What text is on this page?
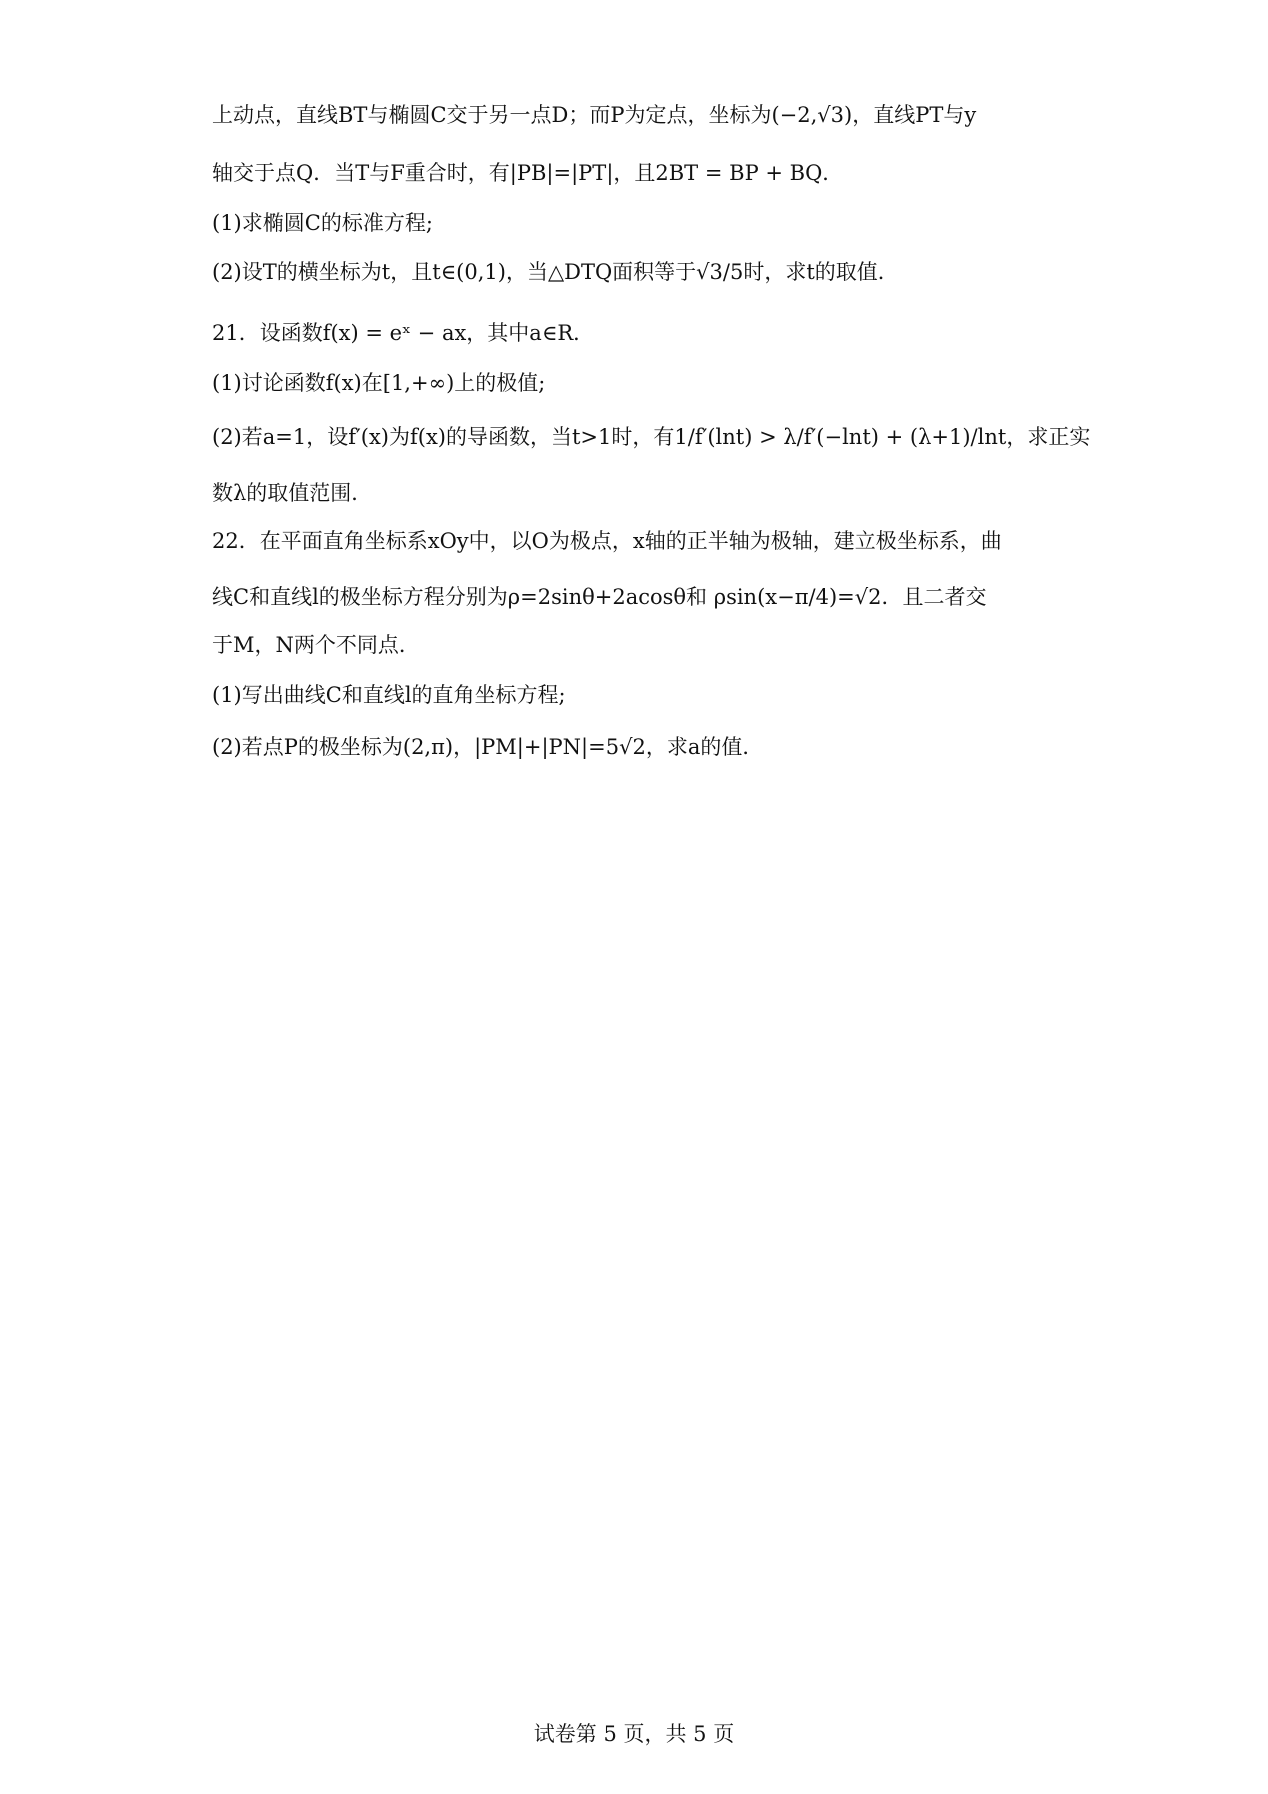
上动点，直线BT与椭圆C交于另一点D；而P为定点，坐标为(−2,√3)，直线PT与y
轴交于点Q．当T与F重合时，有|PB|=|PT|，且2BT = BP + BQ．
(1)求椭圆C的标准方程;
(2)设T的横坐标为t，且t∈(0,1)，当△DTQ面积等于√3/5时，求t的取值．
21．设函数f(x) = eˣ − ax，其中a∈R．
(1)讨论函数f(x)在[1,+∞)上的极值;
(2)若a=1，设f′(x)为f(x)的导函数，当t>1时，有1/f′(lnt) > λ/f′(−lnt) + (λ+1)/lnt，求正实
数λ的取值范围．
22．在平面直角坐标系xOy中，以O为极点，x轴的正半轴为极轴，建立极坐标系，曲
线C和直线l的极坐标方程分别为ρ=2sinθ+2acosθ和 ρsin(x−π/4)=√2．且二者交
于M，N两个不同点．
(1)写出曲线C和直线l的直角坐标方程;
(2)若点P的极坐标为(2,π)，|PM|+|PN|=5√2，求a的值．
试卷第 5 页，共 5 页
